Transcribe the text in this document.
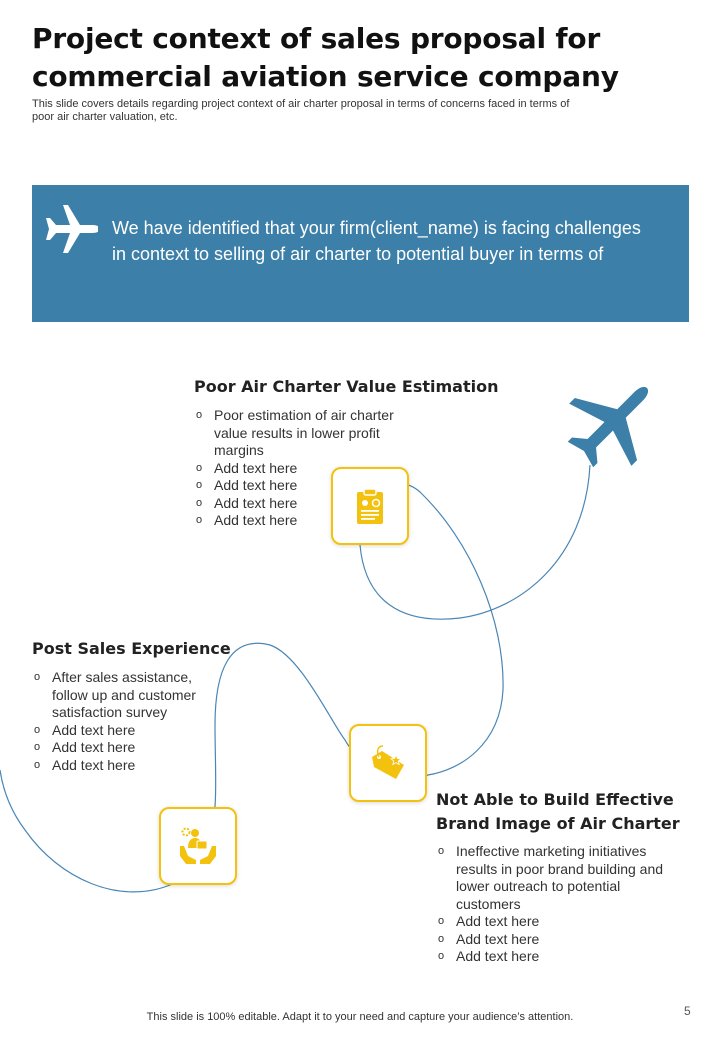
Project context of sales proposal for commercial aviation service company

This slide covers details regarding project context of air charter proposal in terms of concerns faced in terms of poor air charter valuation, etc.

We have identified that your firm(client_name) is facing challenges in context to selling of air charter to potential buyer in terms of

Poor Air Charter Value Estimation
o Poor estimation of air charter value results in lower profit margins
o Add text here
o Add text here
o Add text here
o Add text here
Post Sales Experience
o After sales assistance, follow up and customer satisfaction survey
o Add text here
o Add text here
o Add text here
Not Able to Build Effective Brand Image of Air Charter
o Ineffective marketing initiatives results in poor brand building and lower outreach to potential customers
o Add text here
o Add text here
o Add text here

This slide is 100% editable. Adapt it to your need and capture your audience’s attention.	5
